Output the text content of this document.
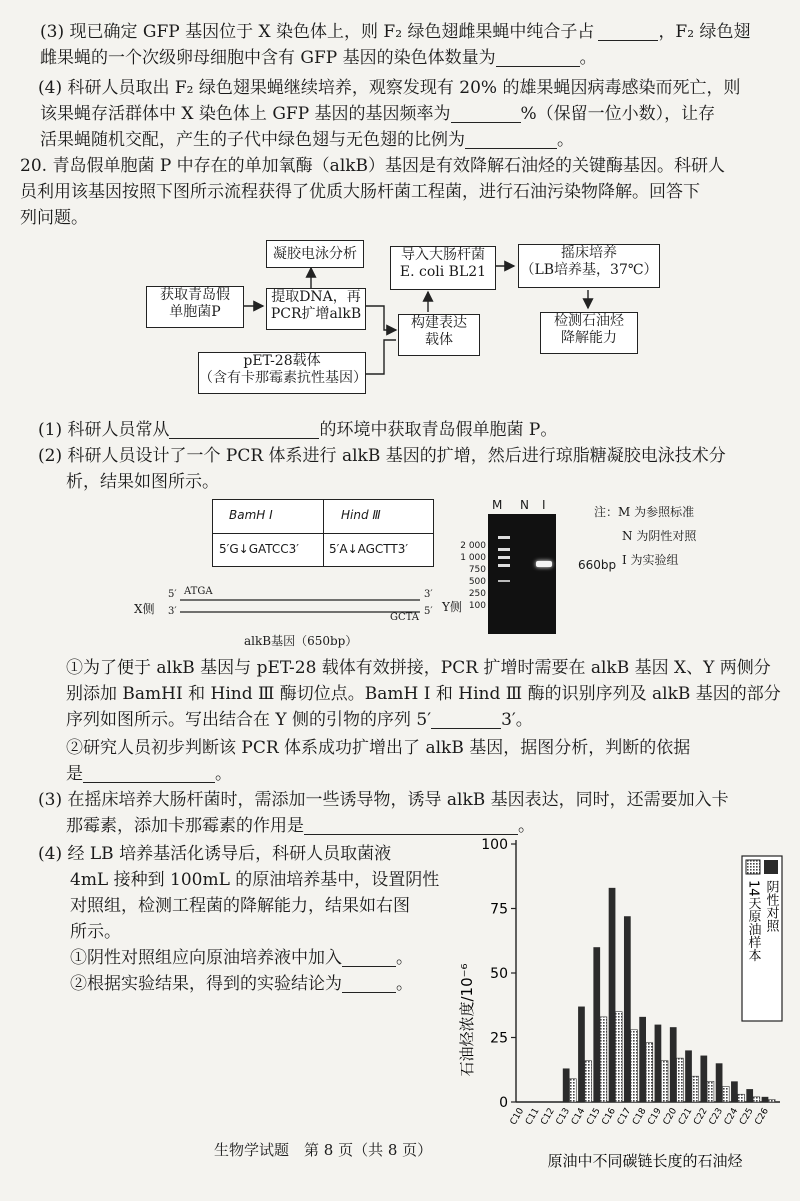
(3) 现已确定 GFP 基因位于 X 染色体上，则 F₂ 绿色翅雌果蝇中纯合子占	，F₂ 绿色翅
雌果蝇的一个次级卵母细胞中含有 GFP 基因的染色体数量为	。
(4) 科研人员取出 F₂ 绿色翅果蝇继续培养，观察发现有 20% 的雄果蝇因病毒感染而死亡，则
该果蝇存活群体中 X 染色体上 GFP 基因的基因频率为	%（保留一位小数），让存
活果蝇随机交配，产生的子代中绿色翅与无色翅的比例为	。
20. 青岛假单胞菌 P 中存在的单加氧酶（alkB）基因是有效降解石油烃的关键酶基因。科研人
员利用该基因按照下图所示流程获得了优质大肠杆菌工程菌，进行石油污染物降解。回答下
列问题。
凝胶电泳分析
获取青岛假
单胞菌P
提取DNA，再
PCR扩增alkB
导入大肠杆菌
E. coli BL21
摇床培养
（LB培养基，37℃）
构建表达
载体
pET-28载体
（含有卡那霉素抗性基因）
检测石油烃
降解能力
(1) 科研人员常从	的环境中获取青岛假单胞菌 P。
(2) 科研人员设计了一个 PCR 体系进行 alkB 基因的扩增，然后进行琼脂糖凝胶电泳技术分
析，结果如图所示。
BamH Ⅰ	Hind Ⅲ
5′G↓GATCC3′ 5′A↓AGCTT3′
X侧
5′ ATGA	3′
3′
GCTA
5′ Y侧
alkB基因（650bp）
M N I
2 000
1 000
750
500
250
100
660bp
注：M 为参照标准
N 为阴性对照
I 为实验组
①为了便于 alkB 基因与 pET-28 载体有效拼接，PCR 扩增时需要在 alkB 基因 X、Y 两侧分
别添加 BamHI 和 Hind Ⅲ 酶切位点。BamH Ⅰ 和 Hind Ⅲ 酶的识别序列及 alkB 基因的部分
序列如图所示。写出结合在 Y 侧的引物的序列 5′	3′。
②研究人员初步判断该 PCR 体系成功扩增出了 alkB 基因，据图分析，判断的依据
是	。
(3) 在摇床培养大肠杆菌时，需添加一些诱导物，诱导 alkB 基因表达，同时，还需要加入卡
那霉素，添加卡那霉素的作用是	。
(4) 经 LB 培养基活化诱导后，科研人员取菌液
4mL 接种到 100mL 的原油培养基中，设置阴性
对照组，检测工程菌的降解能力，结果如右图
所示。
①阴性对照组应向原油培养液中加入	。
②根据实验结果，得到的实验结论为	。	石油烃浓度/10⁻⁶
原油中不同碳链长度的石油烃
0
25
50
75
100
C10
C11
C12
C13
C14
C15
C16
C17
C18
C19
C20
C21
C22
C23
C24
C25
C26
14天原油样本 阴性对照
生物学试题　第 8 页（共 8 页）
